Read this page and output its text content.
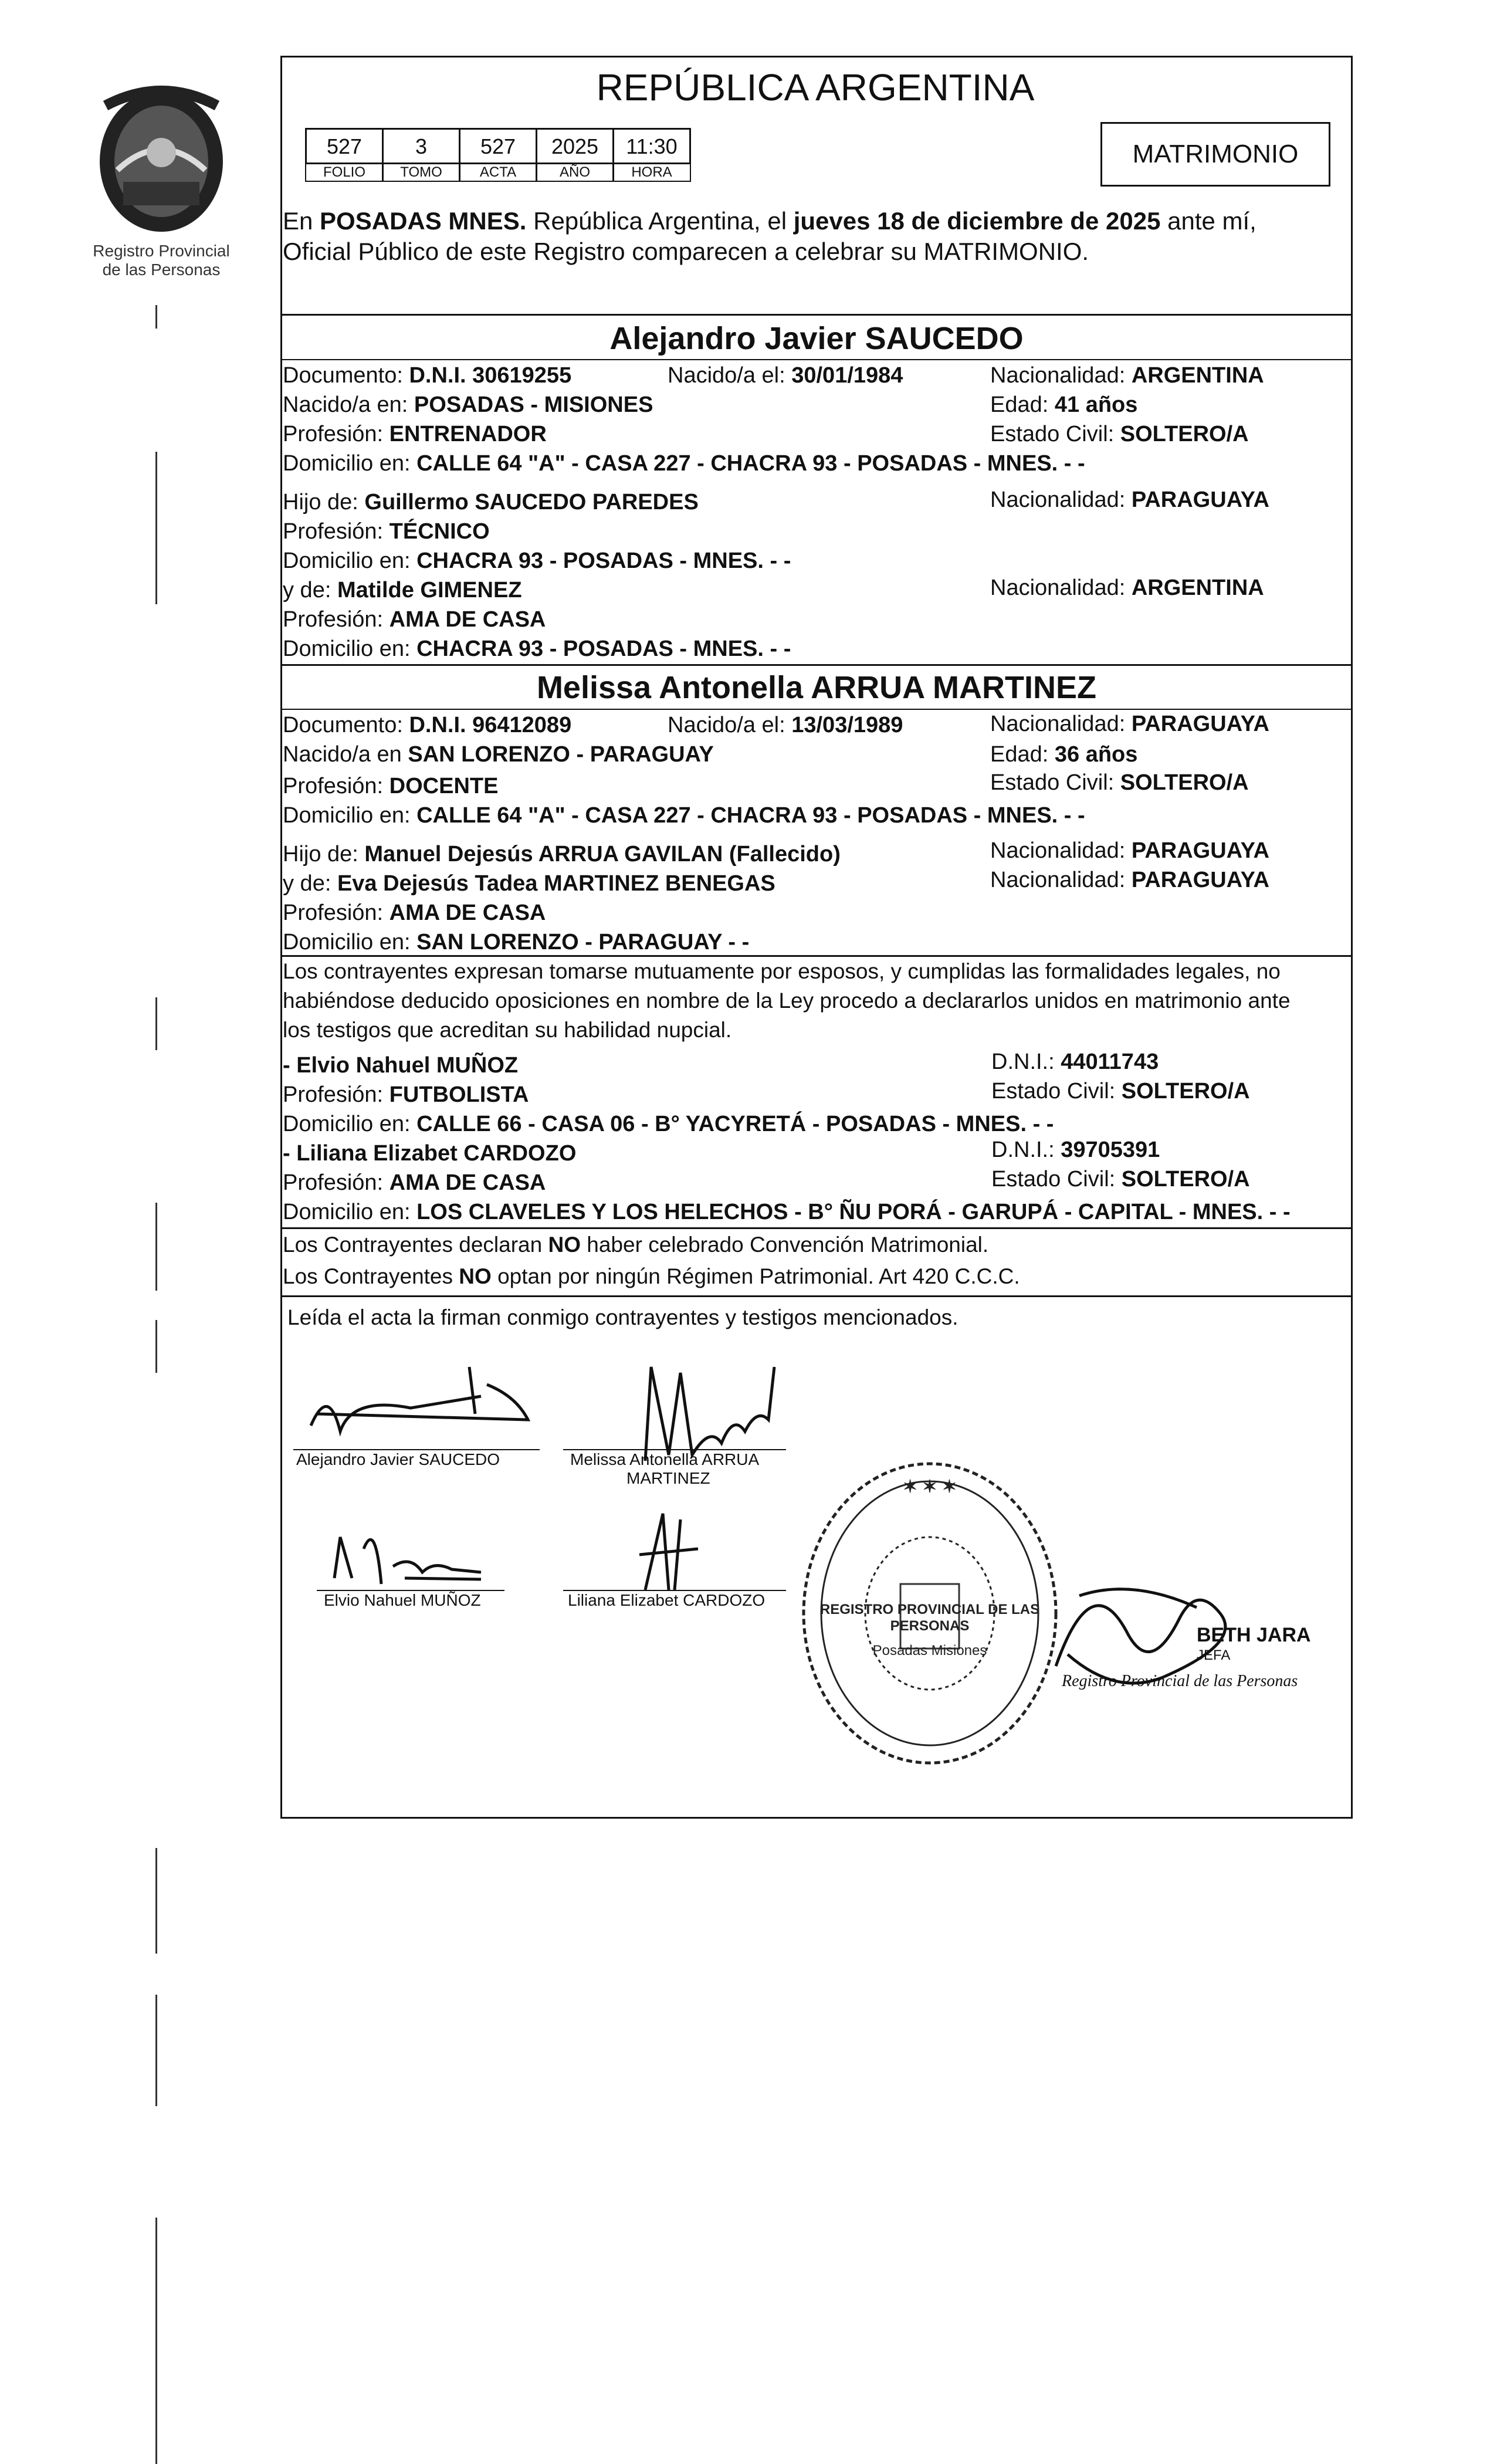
Registro Provincial
de las Personas
REPÚBLICA ARGENTINA
527	3	527	2025	11:30
FOLIO	TOMO	ACTA	AÑO	HORA
MATRIMONIO
En POSADAS MNES. República Argentina, el jueves 18 de diciembre de 2025 ante mí,
Oficial Público de este Registro comparecen a celebrar su MATRIMONIO.
Alejandro Javier SAUCEDO
Documento: D.N.I. 30619255	Nacido/a el: 30/01/1984	Nacionalidad: ARGENTINA
Nacido/a en: POSADAS - MISIONES	Edad: 41 años
Profesión: ENTRENADOR	Estado Civil: SOLTERO/A
Domicilio en: CALLE 64 "A" - CASA 227 - CHACRA 93 - POSADAS - MNES. - -
Hijo de: Guillermo SAUCEDO PAREDES	Nacionalidad: PARAGUAYA
Profesión: TÉCNICO
Domicilio en: CHACRA 93 - POSADAS - MNES. - -
y de: Matilde GIMENEZ	Nacionalidad: ARGENTINA
Profesión: AMA DE CASA
Domicilio en: CHACRA 93 - POSADAS - MNES. - -
Melissa Antonella ARRUA MARTINEZ
Documento: D.N.I. 96412089	Nacido/a el: 13/03/1989	Nacionalidad: PARAGUAYA
Nacido/a en SAN LORENZO - PARAGUAY	Edad: 36 años
Profesión: DOCENTE	Estado Civil: SOLTERO/A
Domicilio en: CALLE 64 "A" - CASA 227 - CHACRA 93 - POSADAS - MNES. - -
Hijo de: Manuel Dejesús ARRUA GAVILAN (Fallecido)	Nacionalidad: PARAGUAYA
y de: Eva Dejesús Tadea MARTINEZ BENEGAS	Nacionalidad: PARAGUAYA
Profesión: AMA DE CASA
Domicilio en: SAN LORENZO - PARAGUAY - -
Los contrayentes expresan tomarse mutuamente por esposos, y cumplidas las formalidades legales, no
habiéndose deducido oposiciones en nombre de la Ley procedo a declararlos unidos en matrimonio ante
los testigos que acreditan su habilidad nupcial.
- Elvio Nahuel MUÑOZ	D.N.I.: 44011743
Profesión: FUTBOLISTA	Estado Civil: SOLTERO/A
Domicilio en: CALLE 66 - CASA 06 - B° YACYRETÁ - POSADAS - MNES. - -
- Liliana Elizabet CARDOZO	D.N.I.: 39705391
Profesión: AMA DE CASA	Estado Civil: SOLTERO/A
Domicilio en: LOS CLAVELES Y LOS HELECHOS - B° ÑU PORÁ - GARUPÁ - CAPITAL - MNES. - -
Los Contrayentes declaran NO haber celebrado Convención Matrimonial.
Los Contrayentes NO optan por ningún Régimen Patrimonial. Art 420 C.C.C.
Leída el acta la firman conmigo contrayentes y testigos mencionados.
Alejandro Javier SAUCEDO	Melissa Antonella ARRUA
MARTINEZ
Elvio Nahuel MUÑOZ	Liliana Elizabet CARDOZO
✶ ✶ ✶
REGISTRO PROVINCIAL DE LAS PERSONAS
Posadas Misiones
BETH JARA
JEFA
Registro Provincial de las Personas
